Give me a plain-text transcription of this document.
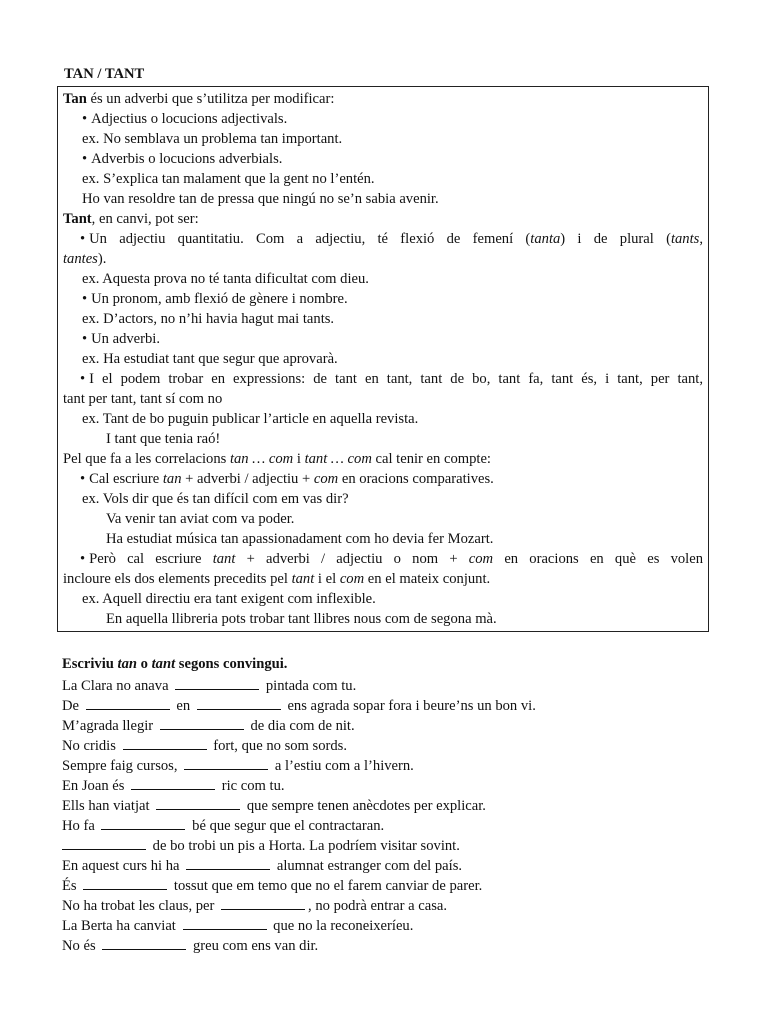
TAN / TANT
Tan és un adverbi que s’utilitza per modificar:
• Adjectius o locucions adjectivals.
ex. No semblava un problema tan important.
• Adverbis o locucions adverbials.
ex. S’explica tan malament que la gent no l’entén.
Ho van resoldre tan de pressa que ningú no se’n sabia avenir.
Tant, en canvi, pot ser:
• Un adjectiu quantitatiu. Com a adjectiu, té flexió de femení (tanta) i de plural (tants,
tantes).
ex. Aquesta prova no té tanta dificultat com dieu.
• Un pronom, amb flexió de gènere i nombre.
ex. D’actors, no n’hi havia hagut mai tants.
• Un adverbi.
ex. Ha estudiat tant que segur que aprovarà.
• I el podem trobar en expressions: de tant en tant, tant de bo, tant fa, tant és, i tant, per tant,
tant per tant, tant sí com no
ex. Tant de bo puguin publicar l’article en aquella revista.
I tant que tenia raó!
Pel que fa a les correlacions tan … com i tant … com cal tenir en compte:
• Cal escriure tan + adverbi / adjectiu + com en oracions comparatives.
ex. Vols dir que és tan difícil com em vas dir?
Va venir tan aviat com va poder.
Ha estudiat música tan apassionadament com ho devia fer Mozart.
• Però cal escriure tant + adverbi / adjectiu o nom + com en oracions en què es volen
incloure els dos elements precedits pel tant i el com en el mateix conjunt.
ex. Aquell directiu era tant exigent com inflexible.
En aquella llibreria pots trobar tant llibres nous com de segona mà.
Escriviu tan o tant segons convingui.
La Clara no anava	pintada com tu.
De	en	ens agrada sopar fora i beure’ns un bon vi.
M’agrada llegir	de dia com de nit.
No cridis	fort, que no som sords.
Sempre faig cursos,	a l’estiu com a l’hivern.
En Joan és	ric com tu.
Ells han viatjat	que sempre tenen anècdotes per explicar.
Ho fa	bé que segur que el contractaran.
de bo trobi un pis a Horta. La podríem visitar sovint.
En aquest curs hi ha	alumnat estranger com del país.
És	tossut que em temo que no el farem canviar de parer.
No ha trobat les claus, per	, no podrà entrar a casa.
La Berta ha canviat	que no la reconeixeríeu.
No és	greu com ens van dir.
